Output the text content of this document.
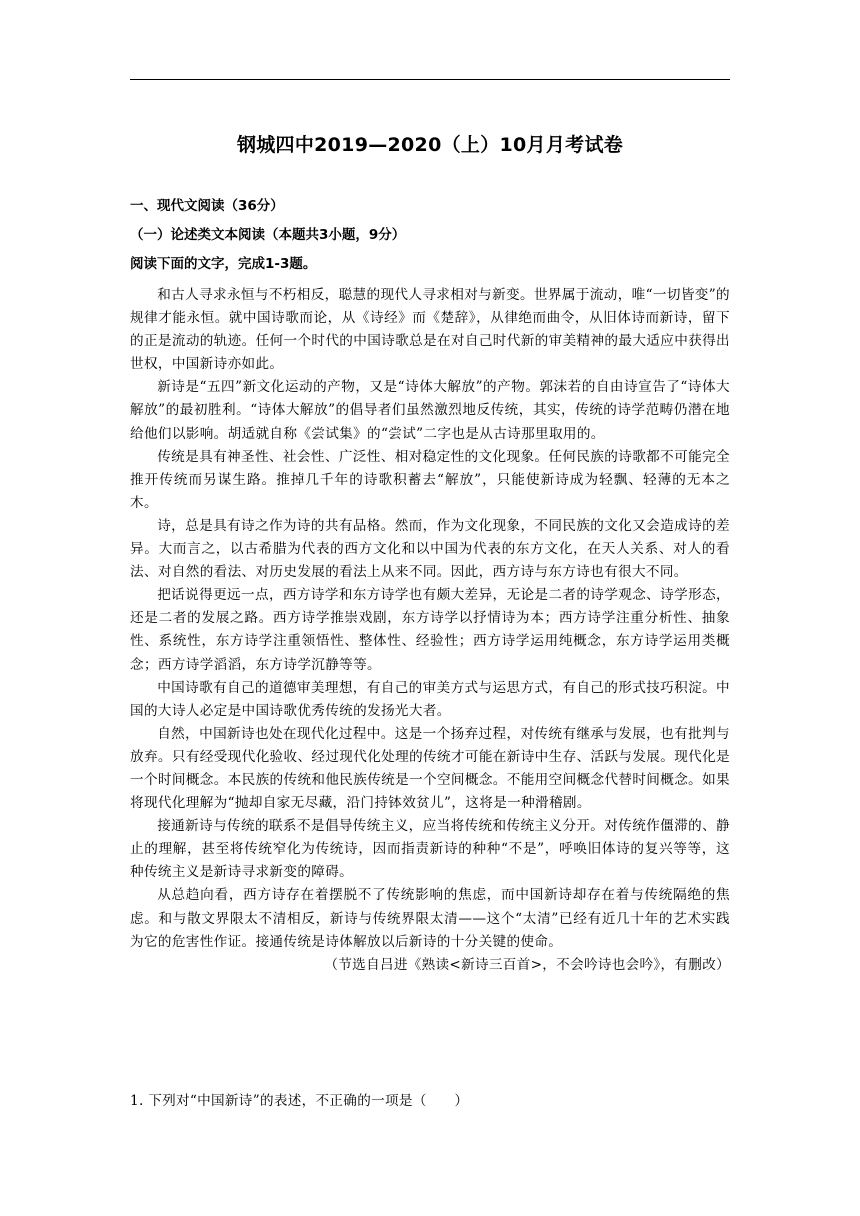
钢城四中2019—2020（上）10月月考试卷
一、现代文阅读（36分）
（一）论述类文本阅读（本题共3小题，9分）
阅读下面的文字，完成1-3题。

和古人寻求永恒与不朽相反，聪慧的现代人寻求相对与新变。世界属于流动，唯“一切皆变”的规律才能永恒。就中国诗歌而论，从《诗经》而《楚辞》，从律绝而曲令，从旧体诗而新诗，留下的正是流动的轨迹。任何一个时代的中国诗歌总是在对自己时代新的审美精神的最大适应中获得出世权，中国新诗亦如此。

新诗是“五四”新文化运动的产物，又是“诗体大解放”的产物。郭沫若的自由诗宣告了“诗体大解放”的最初胜利。“诗体大解放”的倡导者们虽然激烈地反传统，其实，传统的诗学范畴仍潜在地给他们以影响。胡适就自称《尝试集》的“尝试”二字也是从古诗那里取用的。

传统是具有神圣性、社会性、广泛性、相对稳定性的文化现象。任何民族的诗歌都不可能完全推开传统而另谋生路。推掉几千年的诗歌积蓄去“解放”，只能使新诗成为轻飘、轻薄的无本之木。

诗，总是具有诗之作为诗的共有品格。然而，作为文化现象，不同民族的文化又会造成诗的差异。大而言之，以古希腊为代表的西方文化和以中国为代表的东方文化，在天人关系、对人的看法、对自然的看法、对历史发展的看法上从来不同。因此，西方诗与东方诗也有很大不同。

把话说得更远一点，西方诗学和东方诗学也有颇大差异，无论是二者的诗学观念、诗学形态，还是二者的发展之路。西方诗学推崇戏剧，东方诗学以抒情诗为本；西方诗学注重分析性、抽象性、系统性，东方诗学注重领悟性、整体性、经验性；西方诗学运用纯概念，东方诗学运用类概念；西方诗学滔滔，东方诗学沉静等等。

中国诗歌有自己的道德审美理想，有自己的审美方式与运思方式，有自己的形式技巧积淀。中国的大诗人必定是中国诗歌优秀传统的发扬光大者。

自然，中国新诗也处在现代化过程中。这是一个扬弃过程，对传统有继承与发展，也有批判与放弃。只有经受现代化验收、经过现代化处理的传统才可能在新诗中生存、活跃与发展。现代化是一个时间概念。本民族的传统和他民族传统是一个空间概念。不能用空间概念代替时间概念。如果将现代化理解为“抛却自家无尽藏，沿门持钵效贫儿”，这将是一种滑稽剧。

接通新诗与传统的联系不是倡导传统主义，应当将传统和传统主义分开。对传统作僵滞的、静止的理解，甚至将传统窄化为传统诗，因而指责新诗的种种“不是”，呼唤旧体诗的复兴等等，这种传统主义是新诗寻求新变的障碍。

从总趋向看，西方诗存在着摆脱不了传统影响的焦虑，而中国新诗却存在着与传统隔绝的焦虑。和与散文界限太不清相反，新诗与传统界限太清——这个“太清”已经有近几十年的艺术实践为它的危害性作证。接通传统是诗体解放以后新诗的十分关键的使命。

（节选自吕进《熟读<新诗三百首>，不会吟诗也会吟》，有删改）

1. 下列对“中国新诗”的表述，不正确的一项是（　　）
